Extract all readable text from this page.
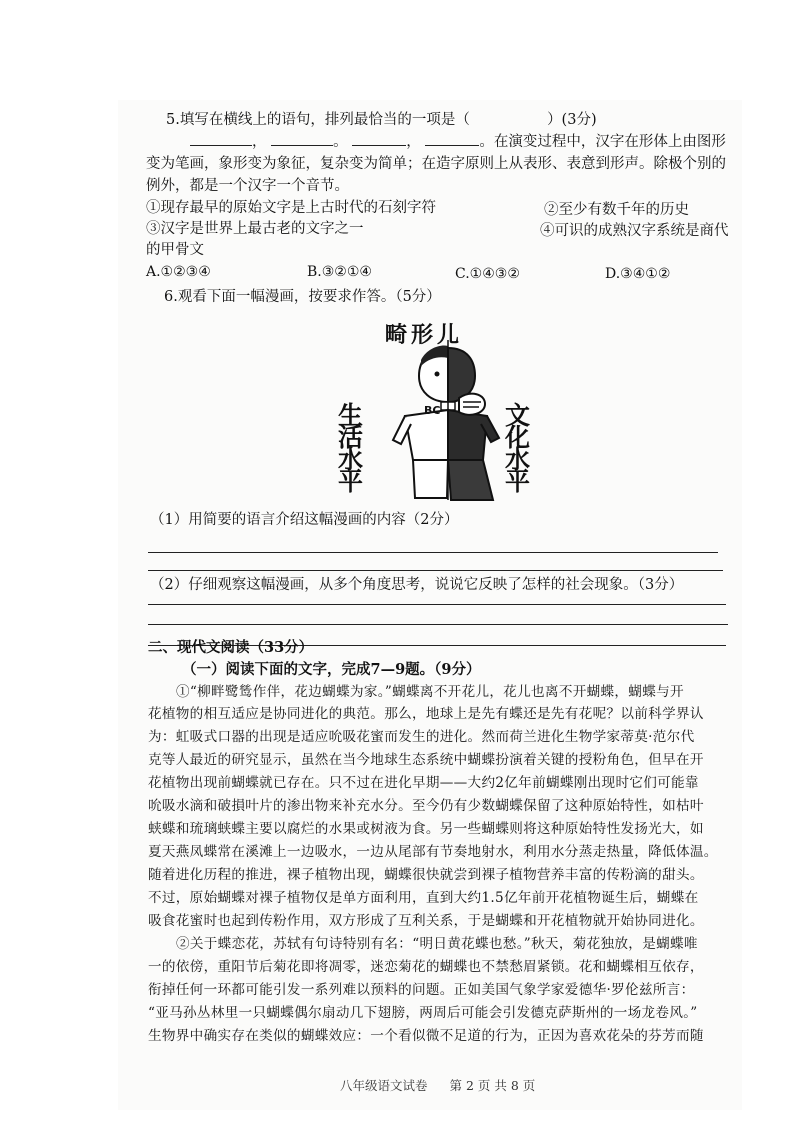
5.填写在横线上的语句，排列最恰当的一项是（	）(3分)
，	。	，	。在演变过程中，汉字在形体上由图形
变为笔画，象形变为象征，复杂变为简单；在造字原则上从表形、表意到形声。除极个别的
例外，都是一个汉字一个音节。
①现存最早的原始文字是上古时代的石刻字符	②至少有数千年的历史
③汉字是世界上最古老的文字之一	④可识的成熟汉字系统是商代
的甲骨文
A.①②③④	B.③②①④	C.①④③②	D.③④①②
6.观看下面一幅漫画，按要求作答。（5分）
畸形儿
BC
生活水平
文化水平
（1）用简要的语言介绍这幅漫画的内容（2分）
（2）仔细观察这幅漫画，从多个角度思考，说说它反映了怎样的社会现象。（3分）
二、现代文阅读（33分）
（一）阅读下面的文字，完成7—9题。（9分）
①“柳畔鹭鸶作伴，花边蝴蝶为家。”蝴蝶离不开花儿，花儿也离不开蝴蝶，蝴蝶与开
花植物的相互适应是协同进化的典范。那么，地球上是先有蝶还是先有花呢？以前科学界认
为：虹吸式口器的出现是适应吮吸花蜜而发生的进化。然而荷兰进化生物学家蒂莫·范尔代
克等人最近的研究显示，虽然在当今地球生态系统中蝴蝶扮演着关键的授粉角色，但早在开
花植物出现前蝴蝶就已存在。只不过在进化早期——大约2亿年前蝴蝶刚出现时它们可能靠
吮吸水滴和破損叶片的渗出物来补充水分。至今仍有少数蝴蝶保留了这种原始特性，如枯叶
蛱蝶和琉璃蛱蝶主要以腐烂的水果或树液为食。另一些蝴蝶则将这种原始特性发扬光大，如
夏天燕凤蝶常在溪滩上一边吸水，一边从尾部有节奏地射水，利用水分蒸走热量，降低体温。
随着进化历程的推进，裸子植物出现，蝴蝶很快就尝到裸子植物营养丰富的传粉滴的甜头。
不过，原始蝴蝶对裸子植物仅是单方面利用，直到大约1.5亿年前开花植物诞生后，蝴蝶在
吸食花蜜时也起到传粉作用，双方形成了互利关系，于是蝴蝶和开花植物就开始协同进化。
②关于蝶恋花，苏轼有句诗特别有名：“明日黄花蝶也愁。”秋天，菊花独放，是蝴蝶唯
一的依傍，重阳节后菊花即将凋零，迷恋菊花的蝴蝶也不禁愁眉紧锁。花和蝴蝶相互依存，
衔掉任何一环都可能引发一系列难以预料的问题。正如美国气象学家爱德华·罗伦兹所言：
“亚马孙丛林里一只蝴蝶偶尔扇动几下翅膀，两周后可能会引发德克萨斯州的一场龙卷风。”
生物界中确实存在类似的蝴蝶效应：一个看似微不足道的行为，正因为喜欢花朵的芬芳而随
八年级语文试卷 第 2 页 共 8 页
